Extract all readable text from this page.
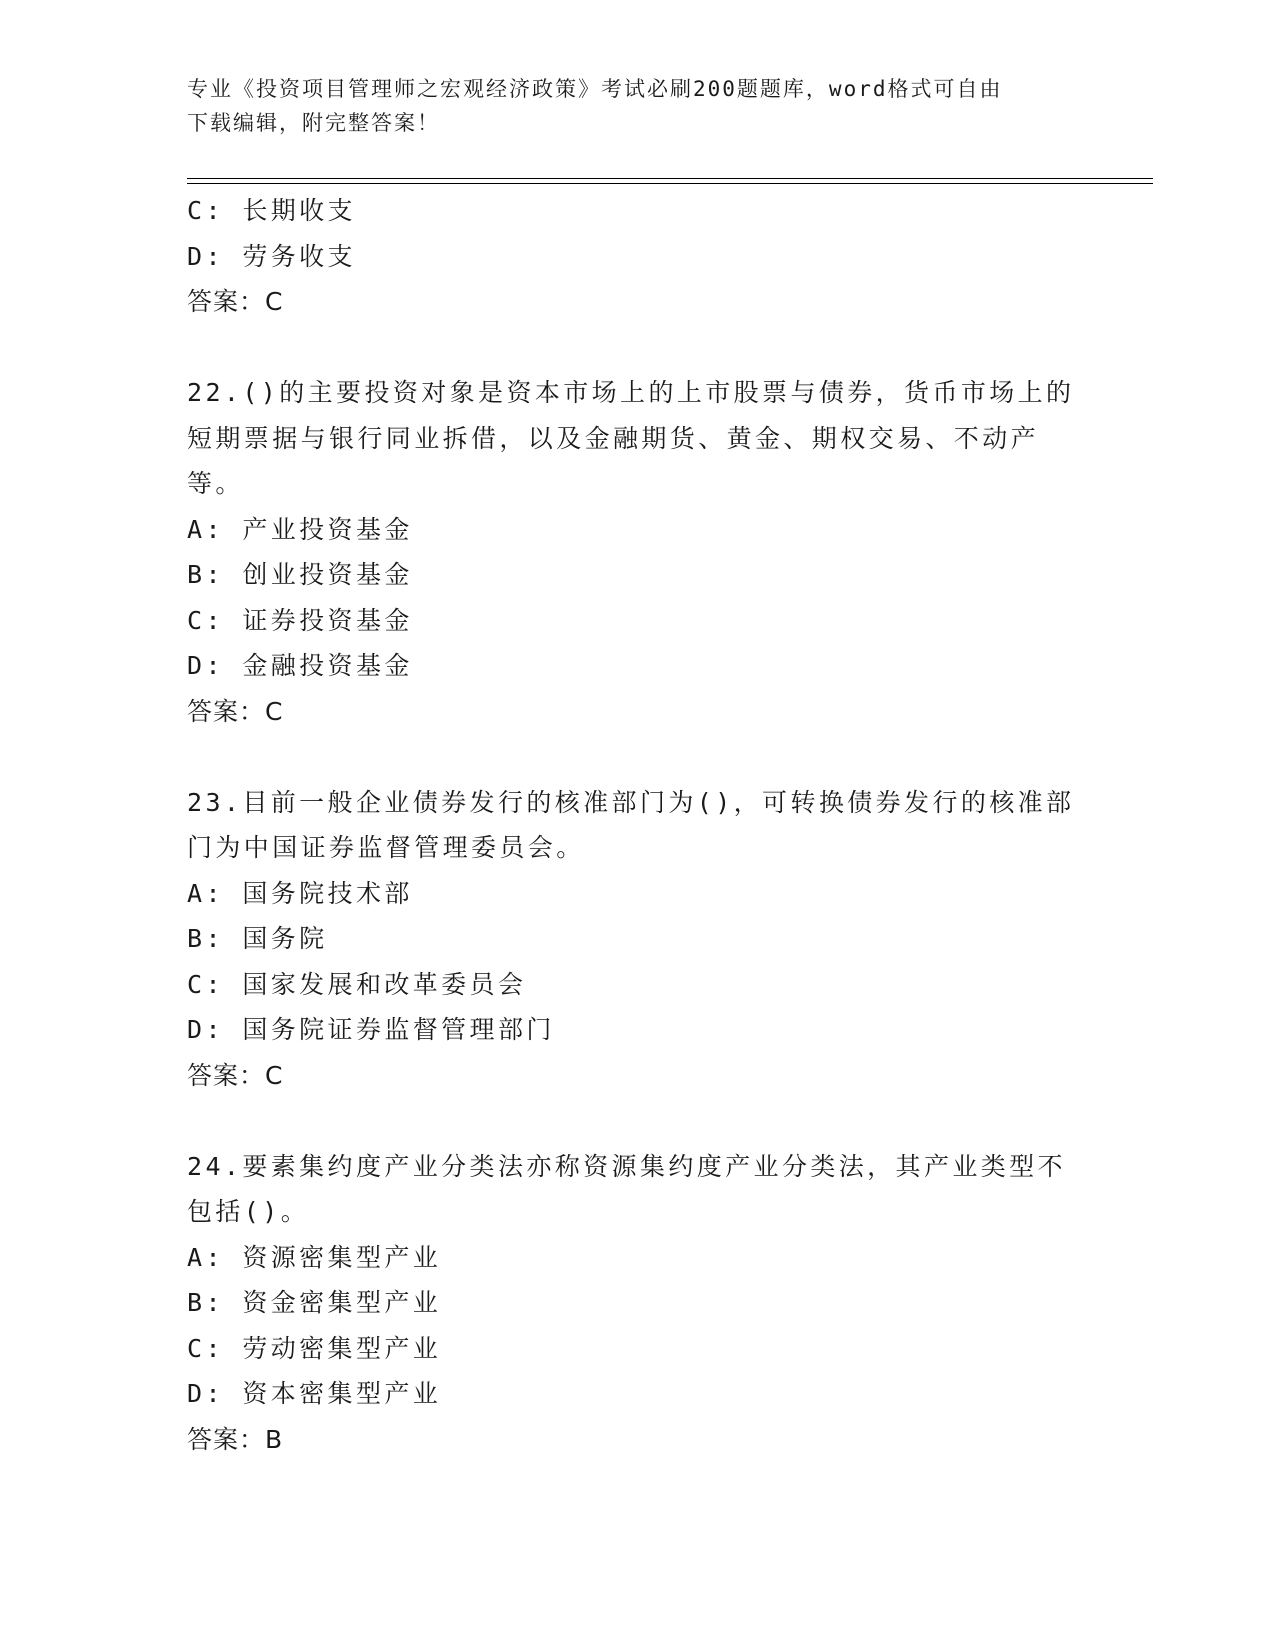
专业《投资项目管理师之宏观经济政策》考试必刷200题题库，word格式可自由
下载编辑，附完整答案！
C: 长期收支
D: 劳务收支
答案：C
22.()的主要投资对象是资本市场上的上市股票与债券，货币市场上的
短期票据与银行同业拆借，以及金融期货、黄金、期权交易、不动产
等。
A: 产业投资基金
B: 创业投资基金
C: 证券投资基金
D: 金融投资基金
答案：C
23.目前一般企业债券发行的核准部门为()，可转换债券发行的核准部
门为中国证券监督管理委员会。
A: 国务院技术部
B: 国务院
C: 国家发展和改革委员会
D: 国务院证券监督管理部门
答案：C
24.要素集约度产业分类法亦称资源集约度产业分类法，其产业类型不
包括()。
A: 资源密集型产业
B: 资金密集型产业
C: 劳动密集型产业
D: 资本密集型产业
答案：B
